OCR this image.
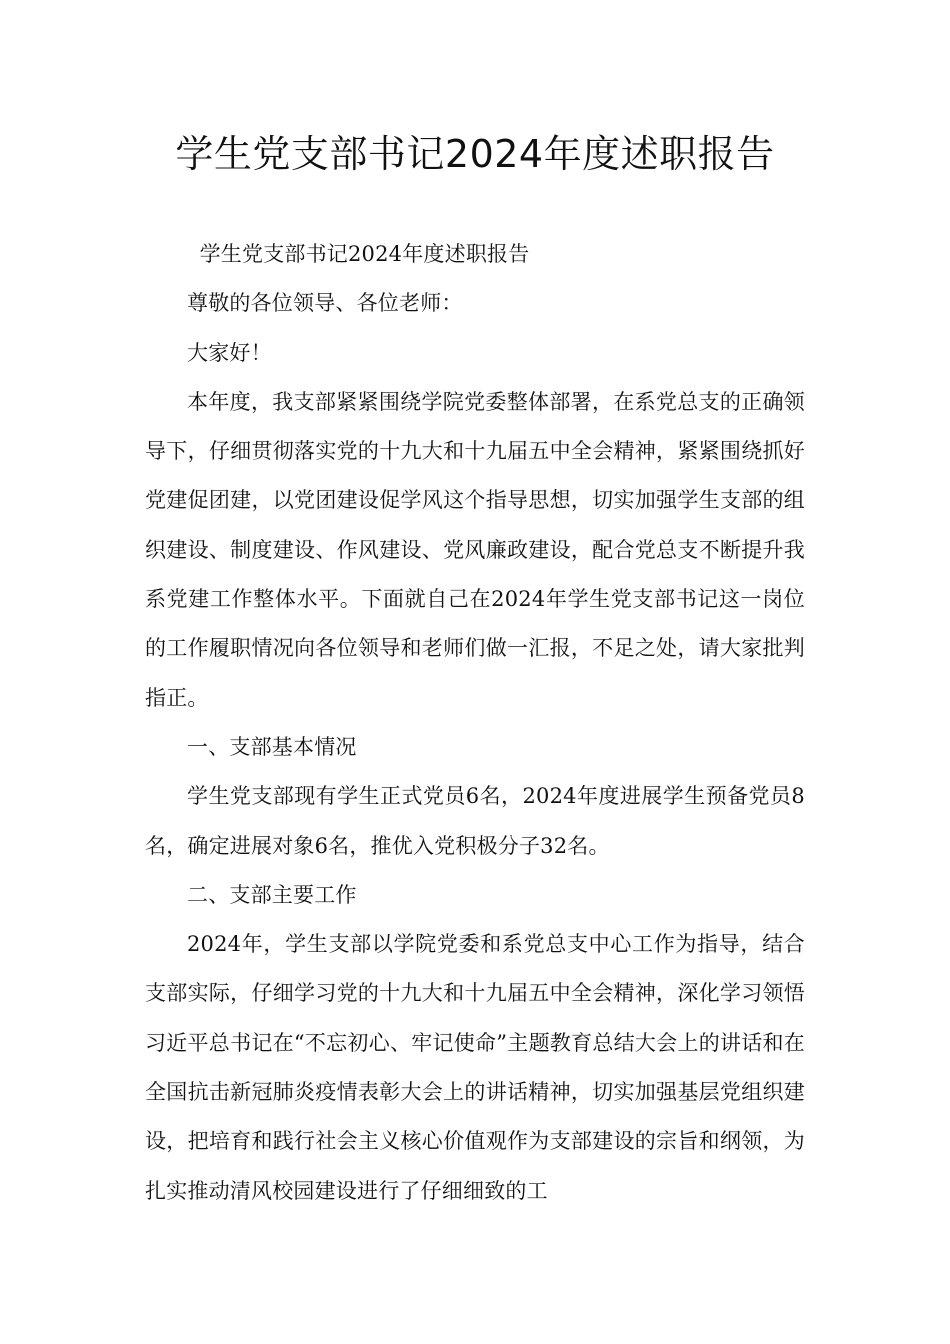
学生党支部书记2024年度述职报告

学生党支部书记2024年度述职报告

尊敬的各位领导、各位老师：

大家好！

本年度，我支部紧紧围绕学院党委整体部署，在系党总支的正确领导下，仔细贯彻落实党的十九大和十九届五中全会精神，紧紧围绕抓好党建促团建，以党团建设促学风这个指导思想，切实加强学生支部的组织建设、制度建设、作风建设、党风廉政建设，配合党总支不断提升我系党建工作整体水平。下面就自己在2024年学生党支部书记这一岗位的工作履职情况向各位领导和老师们做一汇报，不足之处，请大家批判指正。

一、支部基本情况

学生党支部现有学生正式党员6名，2024年度进展学生预备党员8名，确定进展对象6名，推优入党积极分子32名。

二、支部主要工作

2024年，学生支部以学院党委和系党总支中心工作为指导，结合支部实际，仔细学习党的十九大和十九届五中全会精神，深化学习领悟习近平总书记在“不忘初心、牢记使命”主题教育总结大会上的讲话和在全国抗击新冠肺炎疫情表彰大会上的讲话精神，切实加强基层党组织建设，把培育和践行社会主义核心价值观作为支部建设的宗旨和纲领，为扎实推动清风校园建设进行了仔细细致的工
